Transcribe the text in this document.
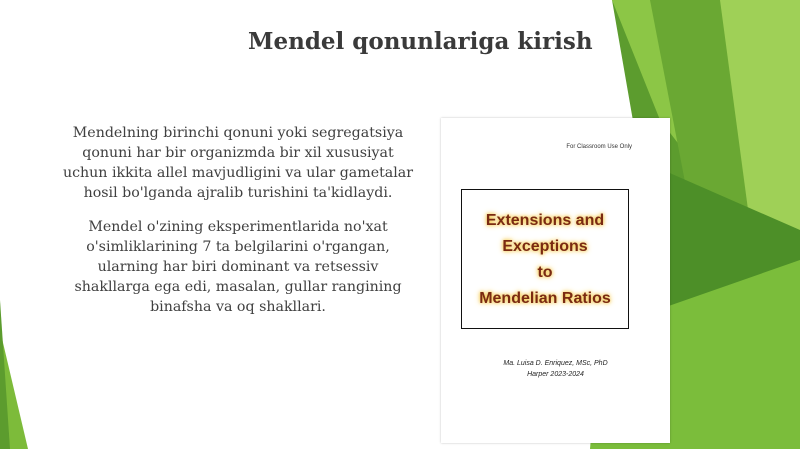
Mendel qonunlariga kirish

Mendelning birinchi qonuni yoki segregatsiya qonuni har bir organizmda bir xil xususiyat uchun ikkita allel mavjudligini va ular gametalar hosil bo'lganda ajralib turishini ta'kidlaydi.

Mendel o'zining eksperimentlarida no'xat o'simliklarining 7 ta belgilarini o'rgangan, ularning har biri dominant va retsessiv shakllarga ega edi, masalan, gullar rangining binafsha va oq shakllari.

For Classroom Use Only
Extensions and Exceptions
to
Mendelian Ratios
Ma. Luisa D. Enriquez, MSc, PhD
Harper 2023-2024
